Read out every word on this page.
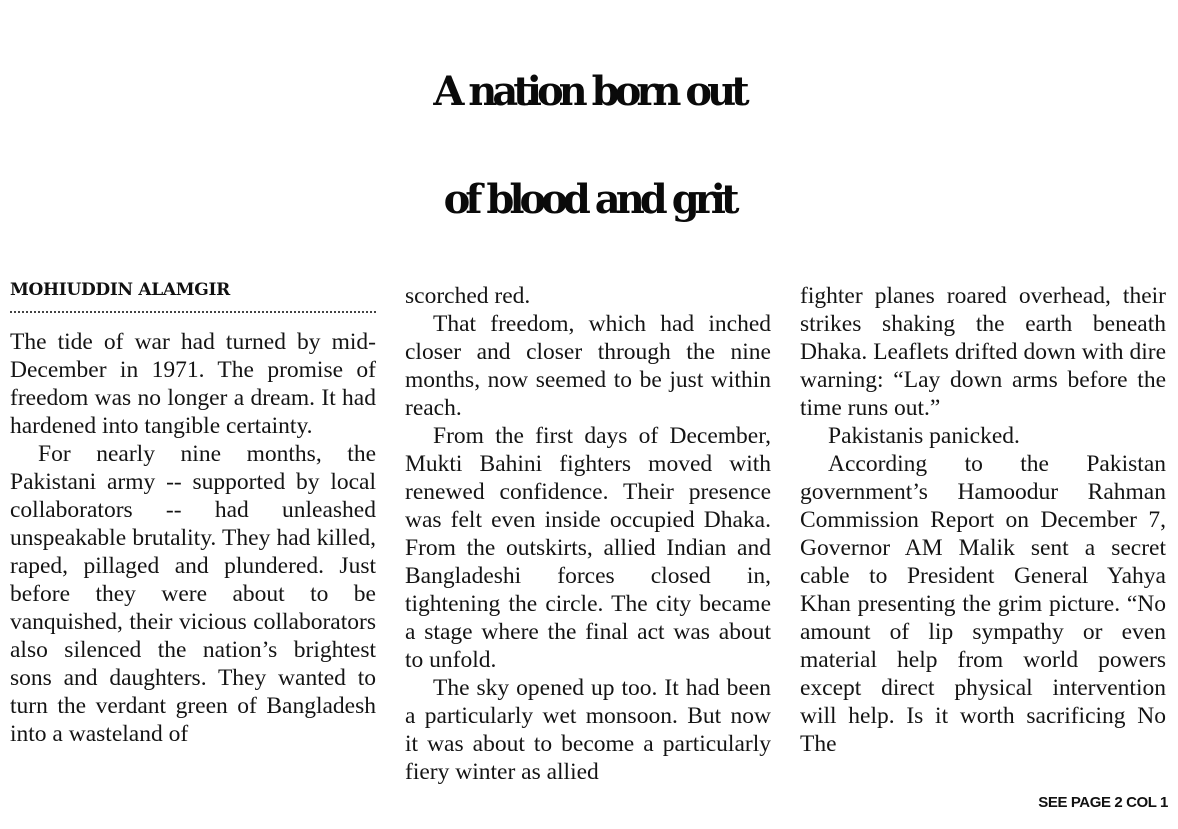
A nation born out
of blood and grit
MOHIUDDIN ALAMGIR

The tide of war had turned by mid-December in 1971. The promise of freedom was no longer a dream. It had hardened into tangible certainty.

For nearly nine months, the Pakistani army -- supported by local collaborators -- had unleashed unspeakable brutality. They had killed, raped, pillaged and plundered. Just before they were about to be vanquished, their vicious collaborators also silenced the nation’s brightest sons and daughters. They wanted to turn the verdant green of Bangladesh into a wasteland of

scorched red.

That freedom, which had inched closer and closer through the nine months, now seemed to be just within reach.

From the first days of December, Mukti Bahini fighters moved with renewed confidence. Their presence was felt even inside occupied Dhaka. From the outskirts, allied Indian and Bangladeshi forces closed in, tightening the circle. The city became a stage where the final act was about to unfold.

The sky opened up too. It had been a particularly wet monsoon. But now it was about to become a particularly fiery winter as allied

fighter planes roared overhead, their strikes shaking the earth beneath Dhaka. Leaflets drifted down with dire warning: “Lay down arms before the time runs out.”

Pakistanis panicked.

According to the Pakistan government’s Hamoodur Rahman Commission Report on December 7, Governor AM Malik sent a secret cable to President General Yahya Khan presenting the grim picture. “No amount of lip sympathy or even material help from world powers except direct physical intervention will help. Is it worth sacrificing No The

SEE PAGE 2 COL 1
